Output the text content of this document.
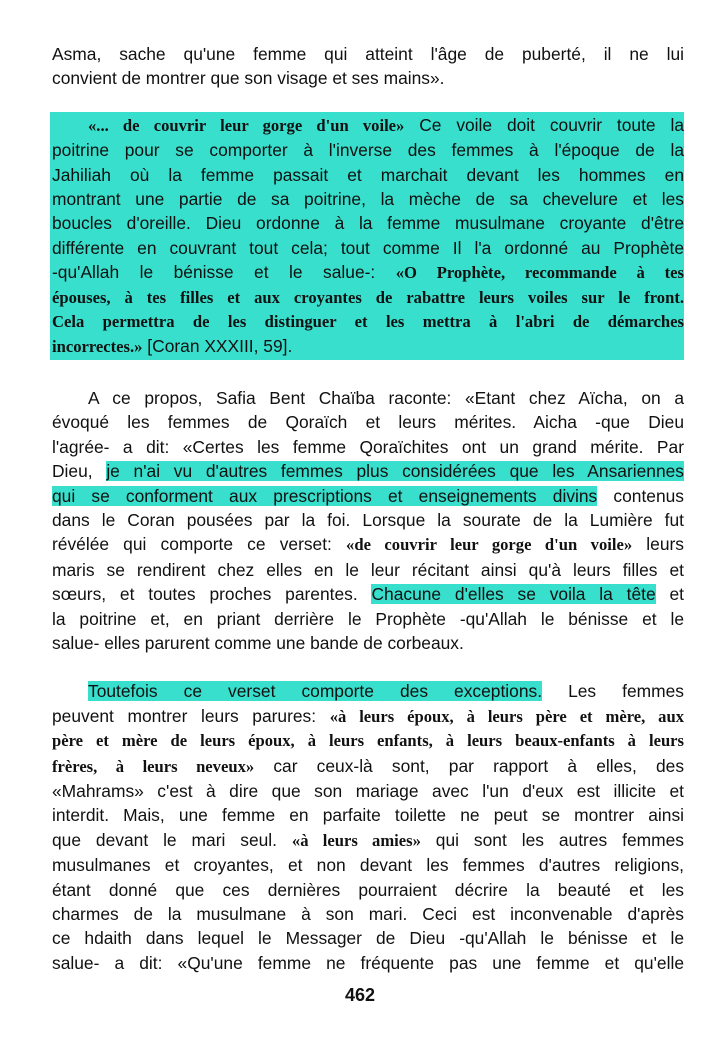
Asma, sache qu'une femme qui atteint l'âge de puberté, il ne lui
convient de montrer que son visage et ses mains».

«... de couvrir leur gorge d'un voile» Ce voile doit couvrir toute la
poitrine pour se comporter à l'inverse des femmes à l'époque de la
Jahiliah où la femme passait et marchait devant les hommes en
montrant une partie de sa poitrine, la mèche de sa chevelure et les
boucles d'oreille. Dieu ordonne à la femme musulmane croyante d'être
différente en couvrant tout cela; tout comme Il l'a ordonné au Prophète
-qu'Allah le bénisse et le salue-: «O Prophète, recommande à tes
épouses, à tes filles et aux croyantes de rabattre leurs voiles sur le front.
Cela permettra de les distinguer et les mettra à l'abri de démarches
incorrectes.» [Coran XXXIII, 59].

A ce propos, Safia Bent Chaïba raconte: «Etant chez Aïcha, on a
évoqué les femmes de Qoraïch et leurs mérites. Aicha -que Dieu
l'agrée- a dit: «Certes les femme Qoraïchites ont un grand mérite. Par
Dieu, je n'ai vu d'autres femmes plus considérées que les Ansariennes
qui se conforment aux prescriptions et enseignements divins contenus
dans le Coran pousées par la foi. Lorsque la sourate de la Lumière fut
révélée qui comporte ce verset: «de couvrir leur gorge d'un voile» leurs
maris se rendirent chez elles en le leur récitant ainsi qu'à leurs filles et
sœurs, et toutes proches parentes. Chacune d'elles se voila la tête et
la poitrine et, en priant derrière le Prophète -qu'Allah le bénisse et le
salue- elles parurent comme une bande de corbeaux.

Toutefois ce verset comporte des exceptions. Les femmes
peuvent montrer leurs parures: «à leurs époux, à leurs père et mère, aux
père et mère de leurs époux, à leurs enfants, à leurs beaux-enfants à leurs
frères, à leurs neveux» car ceux-là sont, par rapport à elles, des
«Mahrams» c'est à dire que son mariage avec l'un d'eux est illicite et
interdit. Mais, une femme en parfaite toilette ne peut se montrer ainsi
que devant le mari seul. «à leurs amies» qui sont les autres femmes
musulmanes et croyantes, et non devant les femmes d'autres religions,
étant donné que ces dernières pourraient décrire la beauté et les
charmes de la musulmane à son mari. Ceci est inconvenable d'après
ce hdaith dans lequel le Messager de Dieu -qu'Allah le bénisse et le
salue- a dit: «Qu'une femme ne fréquente pas une femme et qu'elle

462
